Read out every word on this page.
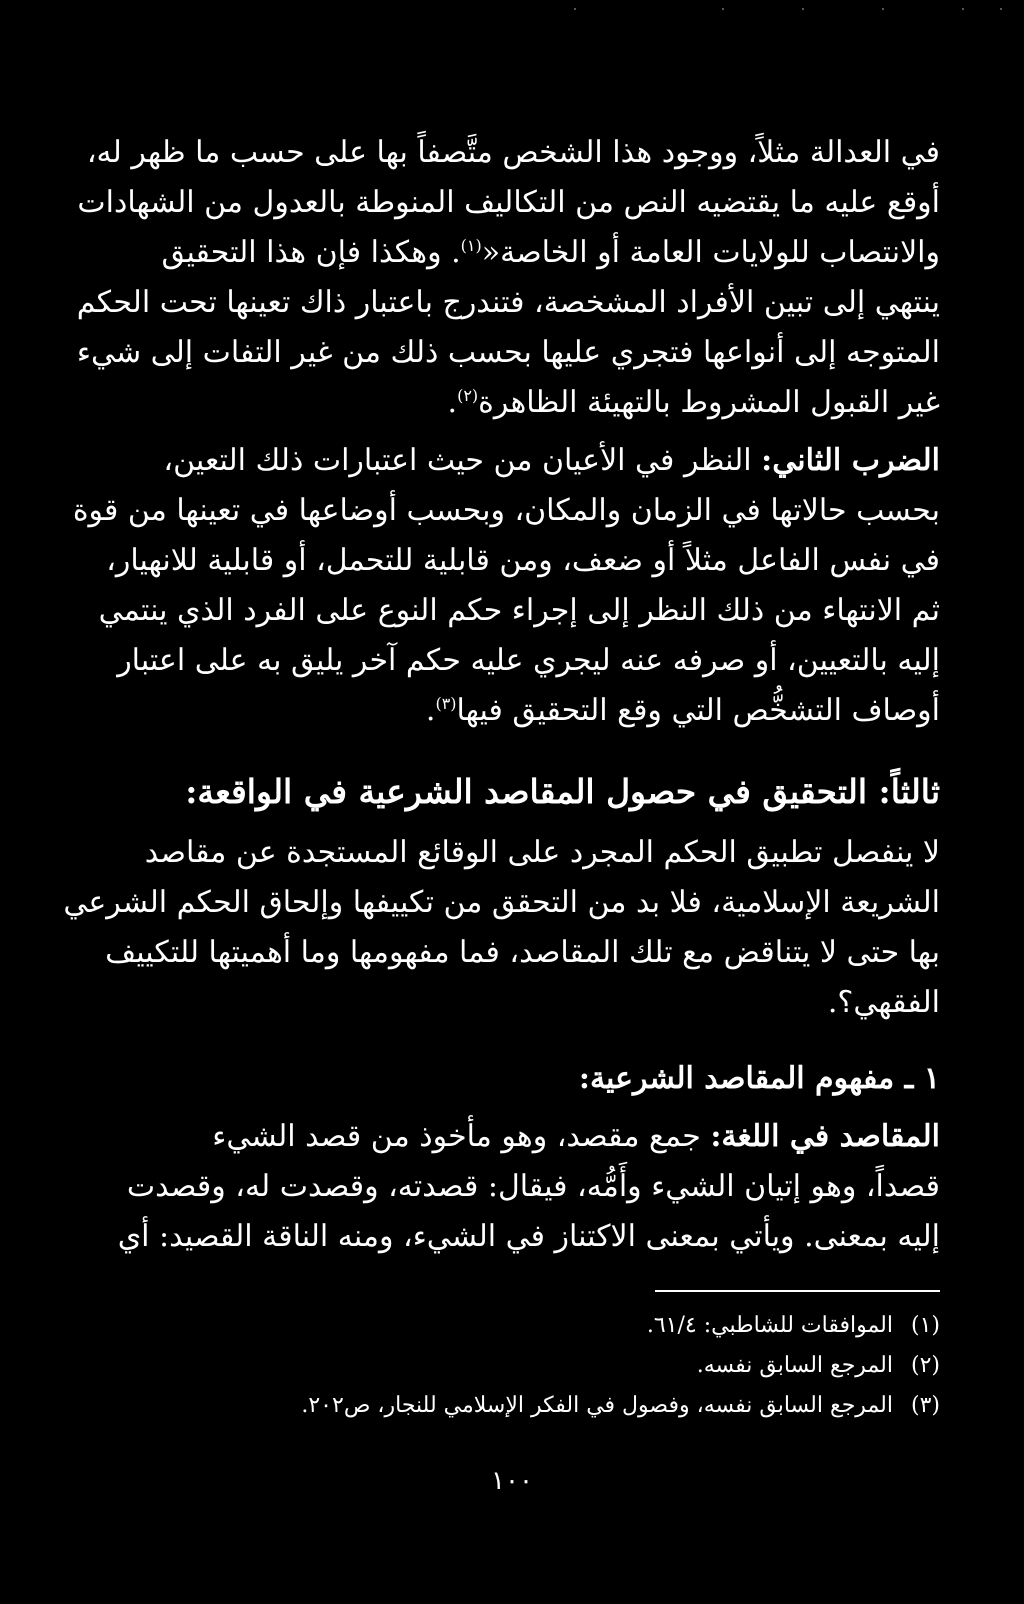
في العدالة مثلاً، ووجود هذا الشخص متَّصفاً بها على حسب ما ظهر له،

أوقع عليه ما يقتضيه النص من التكاليف المنوطة بالعدول من الشهادات

والانتصاب للولايات العامة أو الخاصة«$^{(١)}$. وهكذا فإن هذا التحقيق

ينتهي إلى تبين الأفراد المشخصة، فتندرج باعتبار ذاك تعينها تحت الحكم

المتوجه إلى أنواعها فتجري عليها بحسب ذلك من غير التفات إلى شيء

غير القبول المشروط بالتهيئة الظاهرة$^{(٢)}$.

الضرب الثاني: النظر في الأعيان من حيث اعتبارات ذلك التعين،

بحسب حالاتها في الزمان والمكان، وبحسب أوضاعها في تعينها من قوة

في نفس الفاعل مثلاً أو ضعف، ومن قابلية للتحمل، أو قابلية للانهيار،

ثم الانتهاء من ذلك النظر إلى إجراء حكم النوع على الفرد الذي ينتمي

إليه بالتعيين، أو صرفه عنه ليجري عليه حكم آخر يليق به على اعتبار

أوصاف التشخُّص التي وقع التحقيق فيها$^{(٣)}$.

ثالثاً: التحقيق في حصول المقاصد الشرعية في الواقعة:

لا ينفصل تطبيق الحكم المجرد على الوقائع المستجدة عن مقاصد

الشريعة الإسلامية، فلا بد من التحقق من تكييفها وإلحاق الحكم الشرعي

بها حتى لا يتناقض مع تلك المقاصد، فما مفهومها وما أهميتها للتكييف

الفقهي؟.

١ ـ مفهوم المقاصد الشرعية:

المقاصد في اللغة: جمع مقصد، وهو مأخوذ من قصد الشيء

قصداً، وهو إتيان الشيء وأَمُّه، فيقال: قصدته، وقصدت له، وقصدت

إليه بمعنى. ويأتي بمعنى الاكتناز في الشيء، ومنه الناقة القصيد: أي

(١)الموافقات للشاطبي: ٦١/٤.

(٢)المرجع السابق نفسه.

(٣)المرجع السابق نفسه، وفصول في الفكر الإسلامي للنجار، ص٢٠٢.

١٠٠
